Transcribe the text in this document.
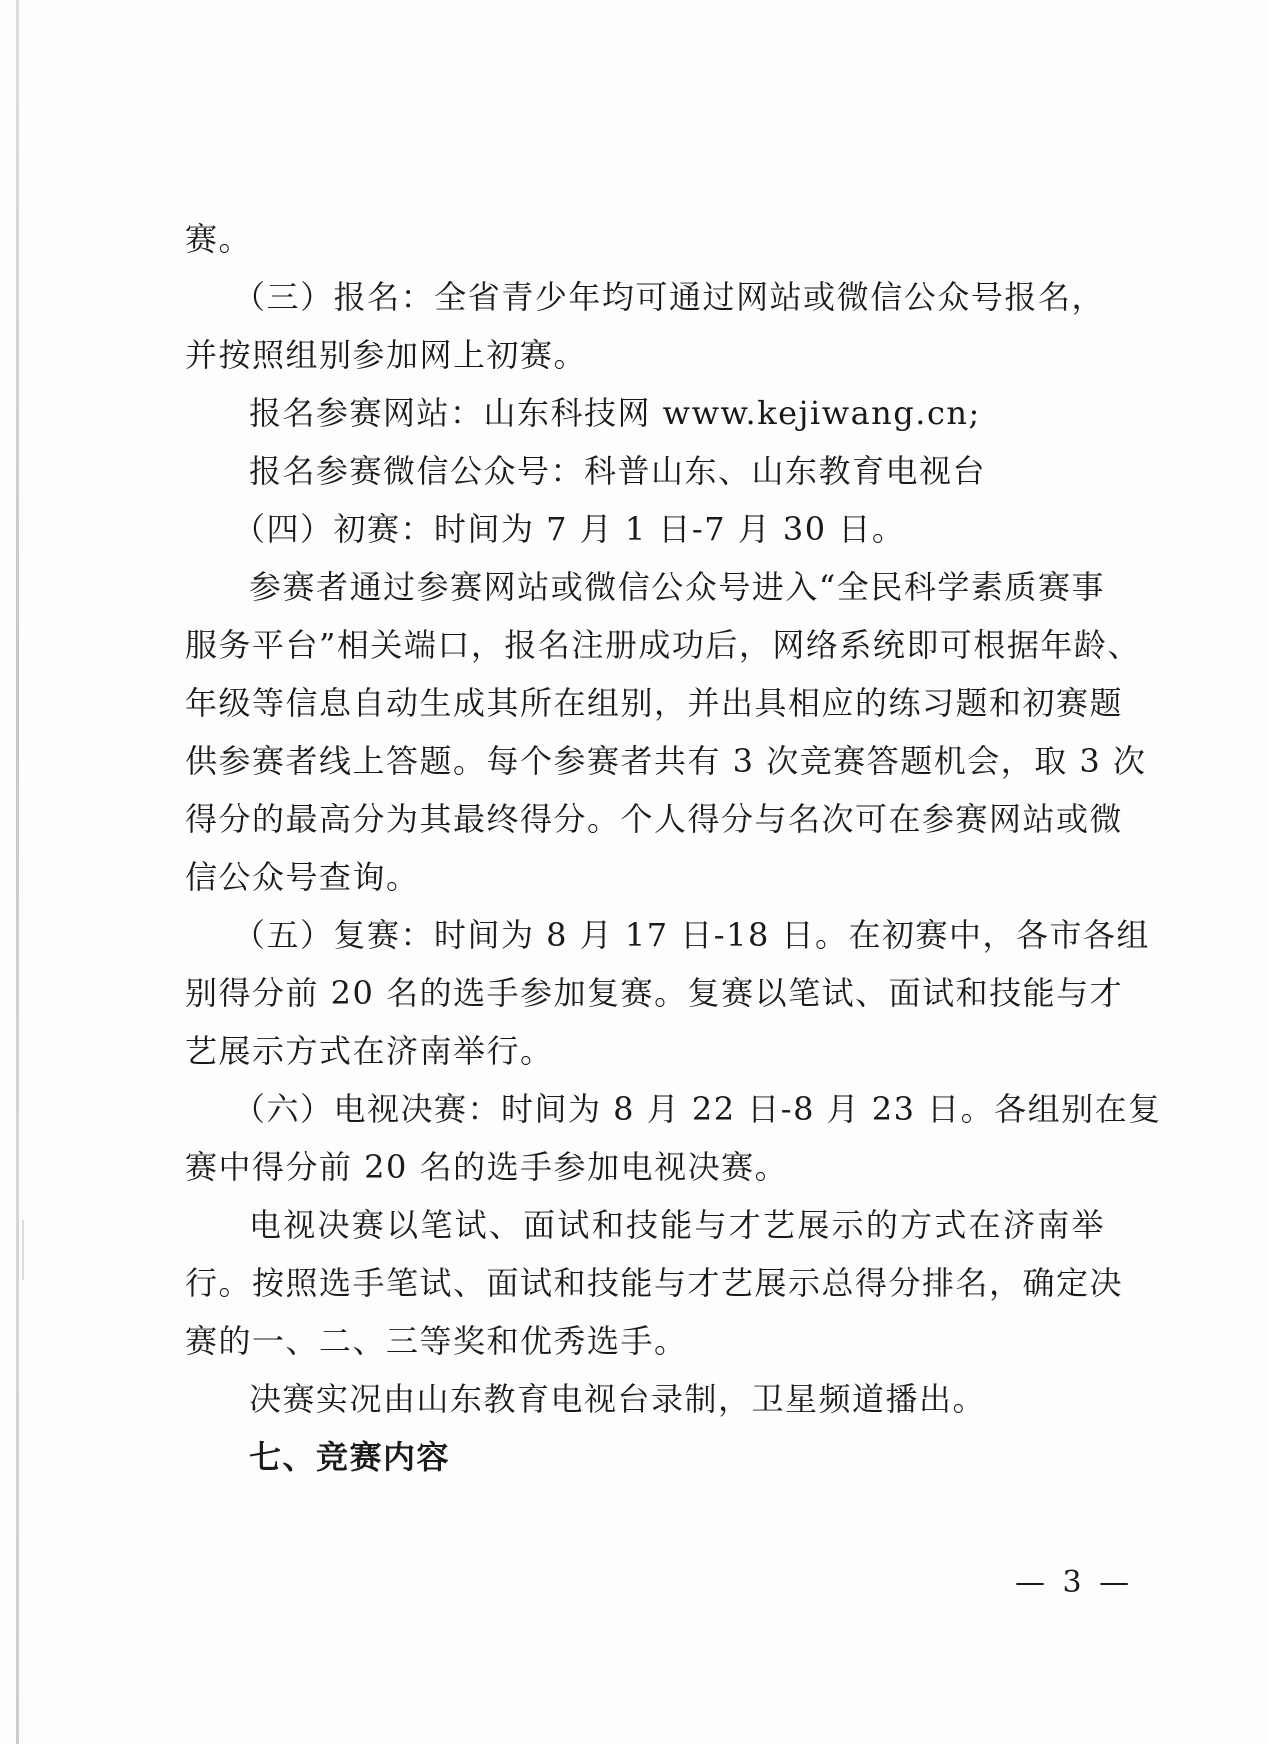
赛。
（三）报名：全省青少年均可通过网站或微信公众号报名，
并按照组别参加网上初赛。
报名参赛网站：山东科技网 www.kejiwang.cn;
报名参赛微信公众号：科普山东、山东教育电视台
（四）初赛：时间为 7 月 1 日-7 月 30 日。
参赛者通过参赛网站或微信公众号进入“全民科学素质赛事
服务平台”相关端口，报名注册成功后，网络系统即可根据年龄、
年级等信息自动生成其所在组别，并出具相应的练习题和初赛题
供参赛者线上答题。每个参赛者共有 3 次竞赛答题机会，取 3 次
得分的最高分为其最终得分。个人得分与名次可在参赛网站或微
信公众号查询。
（五）复赛：时间为 8 月 17 日-18 日。在初赛中，各市各组
别得分前 20 名的选手参加复赛。复赛以笔试、面试和技能与才
艺展示方式在济南举行。
（六）电视决赛：时间为 8 月 22 日-8 月 23 日。各组别在复
赛中得分前 20 名的选手参加电视决赛。
电视决赛以笔试、面试和技能与才艺展示的方式在济南举
行。按照选手笔试、面试和技能与才艺展示总得分排名，确定决
赛的一、二、三等奖和优秀选手。
决赛实况由山东教育电视台录制，卫星频道播出。
七、竞赛内容
— 3 —
